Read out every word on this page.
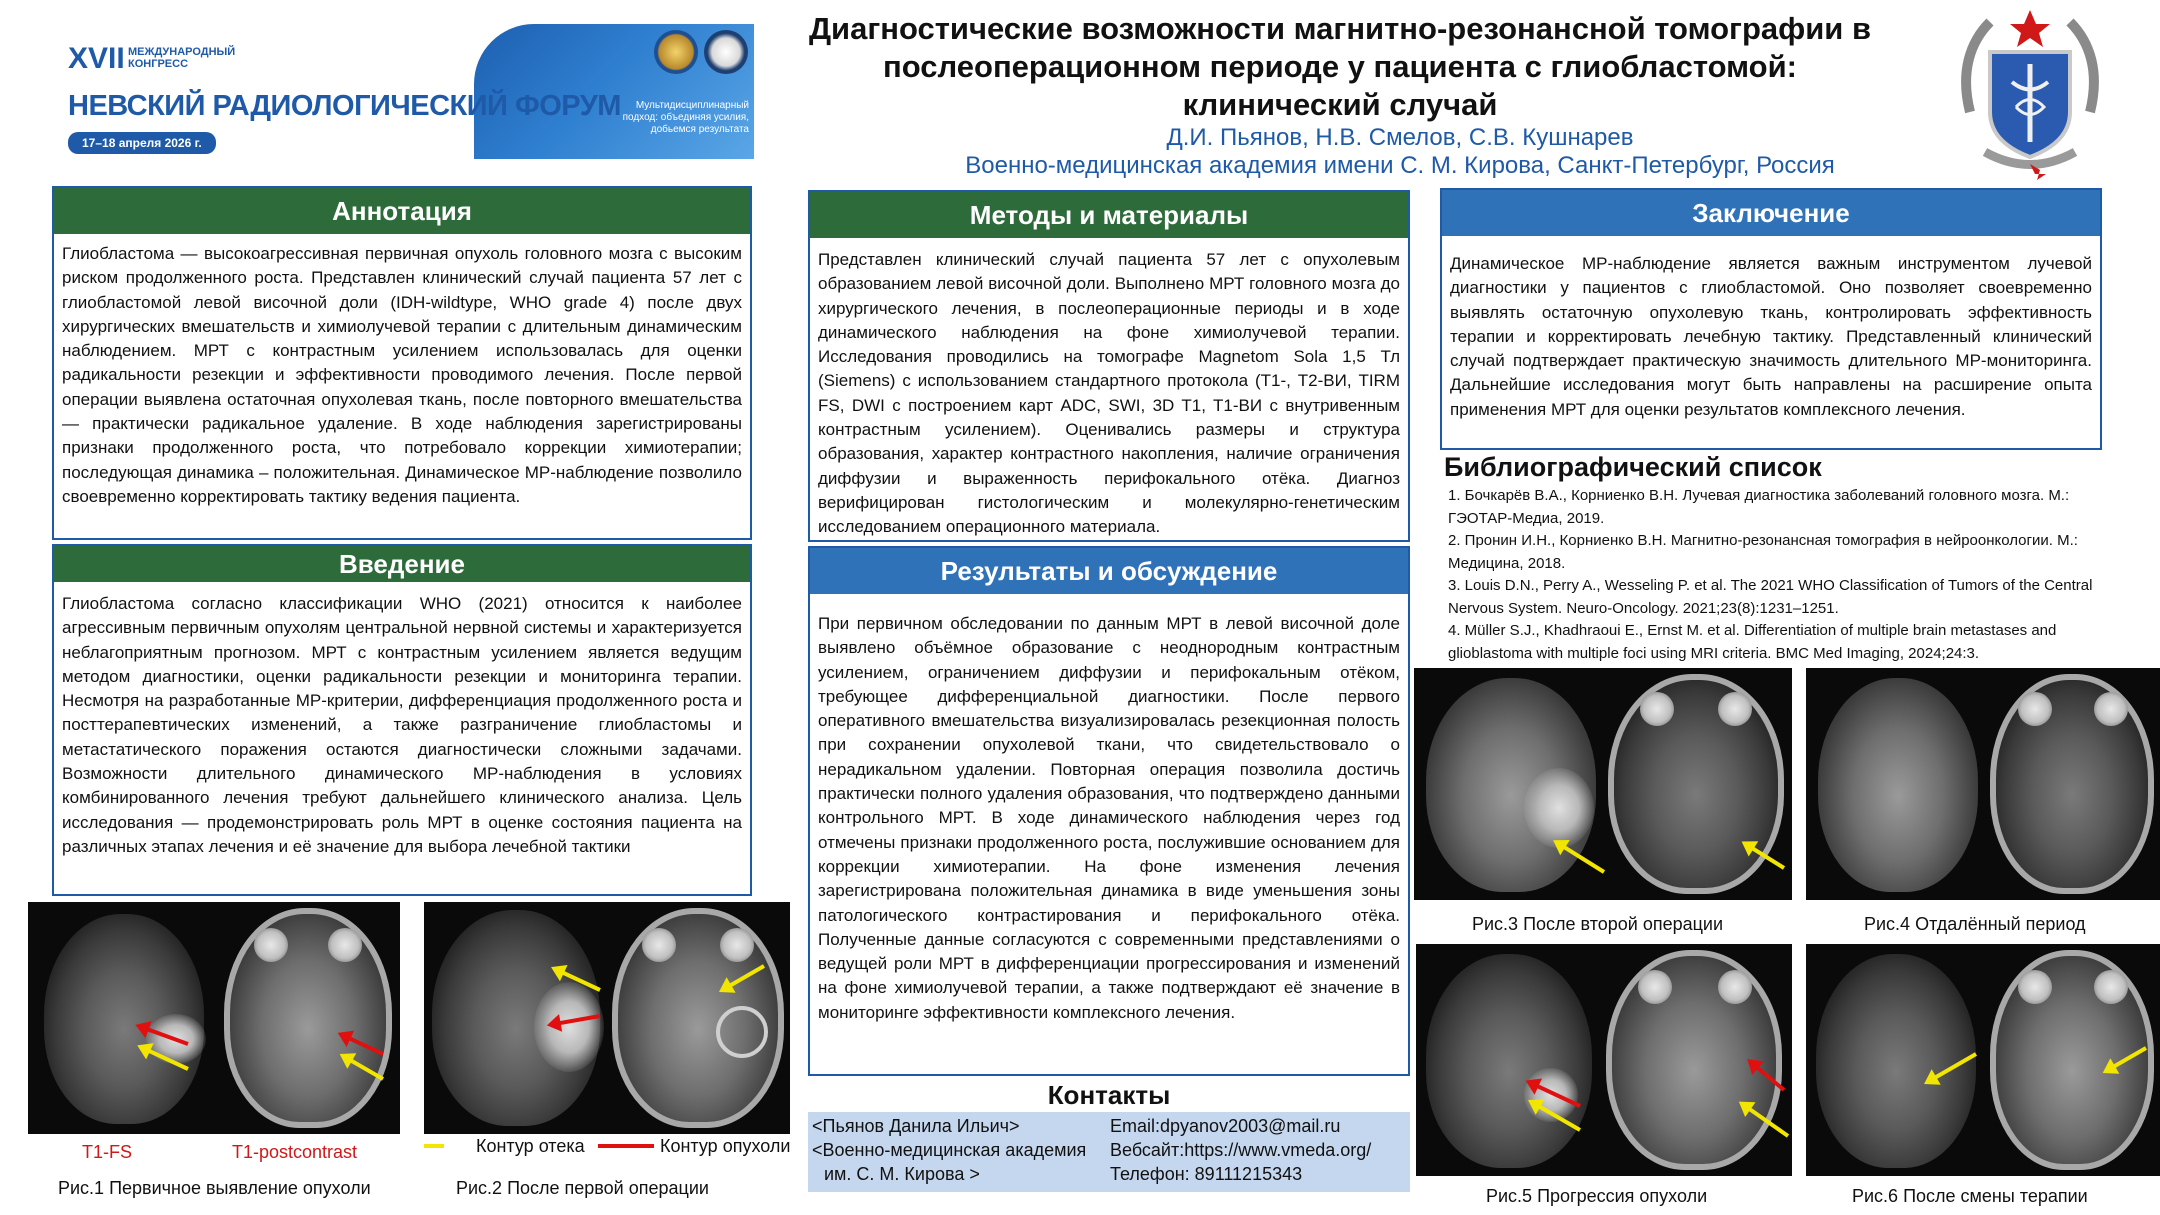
XVII МЕЖДУНАРОДНЫЙ КОНГРЕСС
НЕВСКИЙ РАДИОЛОГИЧЕСКИЙ ФОРУМ
17–18 апреля 2026 г.
Мультидисциплинарный подход: объединяя усилия, добьемся результата
Диагностические возможности магнитно-резонансной томографии в послеоперационном периоде у пациента с глиобластомой: клинический случай
Д.И. Пьянов, Н.В. Смелов, С.В. Кушнарев
Военно-медицинская академия имени С. М. Кирова, Санкт-Петербург, Россия
Аннотация
Глиобластома — высокоагрессивная первичная опухоль головного мозга с высоким риском продолженного роста. Представлен клинический случай пациента 57 лет с глиобластомой левой височной доли (IDH-wildtype, WHO grade 4) после двух хирургических вмешательств и химиолучевой терапии с длительным динамическим наблюдением. МРТ с контрастным усилением использовалась для оценки радикальности резекции и эффективности проводимого лечения. После первой операции выявлена остаточная опухолевая ткань, после повторного вмешательства — практически радикальное удаление. В ходе наблюдения зарегистрированы признаки продолженного роста, что потребовало коррекции химиотерапии; последующая динамика – положительная. Динамическое МР-наблюдение позволило своевременно корректировать тактику ведения пациента.
Введение
Глиобластома согласно классификации WHO (2021) относится к наиболее агрессивным первичным опухолям центральной нервной системы и характеризуется неблагоприятным прогнозом. МРТ с контрастным усилением является ведущим методом диагностики, оценки радикальности резекции и мониторинга терапии. Несмотря на разработанные МР-критерии, дифференциация продолженного роста и посттерапевтических изменений, а также разграничение глиобластомы и метастатического поражения остаются диагностически сложными задачами. Возможности длительного динамического МР-наблюдения в условиях комбинированного лечения требуют дальнейшего клинического анализа. Цель исследования — продемонстрировать роль МРТ в оценке состояния пациента на различных этапах лечения и её значение для выбора лечебной тактики
Методы и материалы
Представлен клинический случай пациента 57 лет с опухолевым образованием левой височной доли. Выполнено МРТ головного мозга до хирургического лечения, в послеоперационные периоды и в ходе динамического наблюдения на фоне химиолучевой терапии. Исследования проводились на томографе Magnetom Sola 1,5 Тл (Siemens) с использованием стандартного протокола (Т1-, Т2-ВИ, TIRM FS, DWI с построением карт ADC, SWI, 3D T1, T1-ВИ с внутривенным контрастным усилением). Оценивались размеры и структура образования, характер контрастного накопления, наличие ограничения диффузии и выраженность перифокального отёка. Диагноз верифицирован гистологическим и молекулярно-генетическим исследованием операционного материала.
Результаты и обсуждение
При первичном обследовании по данным МРТ в левой височной доле выявлено объёмное образование с неоднородным контрастным усилением, ограничением диффузии и перифокальным отёком, требующее дифференциальной диагностики. После первого оперативного вмешательства визуализировалась резекционная полость при сохранении опухолевой ткани, что свидетельствовало о нерадикальном удалении. Повторная операция позволила достичь практически полного удаления образования, что подтверждено данными контрольного МРТ. В ходе динамического наблюдения через год отмечены признаки продолженного роста, послужившие основанием для коррекции химиотерапии. На фоне изменения лечения зарегистрирована положительная динамика в виде уменьшения зоны патологического контрастирования и перифокального отёка. Полученные данные согласуются с современными представлениями о ведущей роли МРТ в дифференциации прогрессирования и изменений на фоне химиолучевой терапии, а также подтверждают её значение в мониторинге эффективности комплексного лечения.
Заключение
Динамическое МР-наблюдение является важным инструментом лучевой диагностики у пациентов с глиобластомой. Оно позволяет своевременно выявлять остаточную опухолевую ткань, контролировать эффективность терапии и корректировать лечебную тактику. Представленный клинический случай подтверждает практическую значимость длительного МР-мониторинга. Дальнейшие исследования могут быть направлены на расширение опыта применения МРТ для оценки результатов комплексного лечения.
Библиографический список
1. Бочкарёв В.А., Корниенко В.Н. Лучевая диагностика заболеваний головного мозга. М.: ГЭОТАР-Медиа, 2019.
2. Пронин И.Н., Корниенко В.Н. Магнитно-резонансная томография в нейроонкологии. М.: Медицина, 2018.
3. Louis D.N., Perry A., Wesseling P. et al. The 2021 WHO Classification of Tumors of the Central Nervous System. Neuro-Oncology. 2021;23(8):1231–1251.
4. Müller S.J., Khadhraoui E., Ernst M. et al. Differentiation of multiple brain metastases and glioblastoma with multiple foci using MRI criteria. BMC Med Imaging, 2024;24:3.
Контакты
<Пьянов Данила Ильич>
<Военно-медицинская академия
им. С. М. Кирова >
Email:dpyanov2003@mail.ru
Вебсайт:https://www.vmeda.org/
Телефон: 89111215343
T1-FS	T1-postcontrast
Рис.1 Первичное выявление опухоли
Контур отека	Контур опухоли
Рис.2 После первой операции
Рис.3 После второй операции	Рис.4 Отдалённый период
Рис.5 Прогрессия опухоли	Рис.6 После смены терапии
